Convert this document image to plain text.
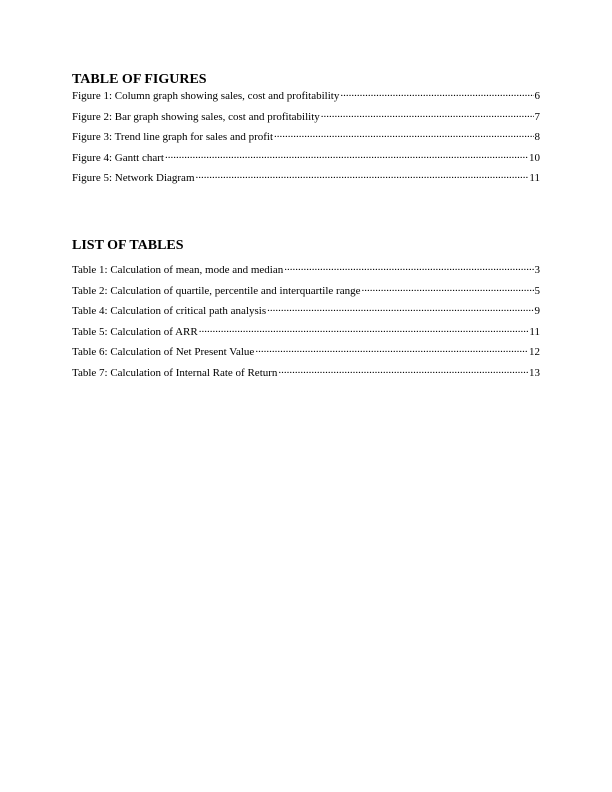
TABLE OF FIGURES
Figure 1: Column graph showing sales, cost and profitability .....	6
Figure 2: Bar graph showing sales, cost and profitability .....	7
Figure 3: Trend line graph for sales and profit .....	8
Figure 4: Gantt chart .....	10
Figure 5: Network Diagram .....	11
LIST OF TABLES
Table 1: Calculation of mean, mode and median .....	3
Table 2: Calculation of quartile, percentile and interquartile range .....	5
Table 4: Calculation of critical path analysis .....	9
Table 5: Calculation of ARR .....	11
Table 6: Calculation of Net Present Value .....	12
Table 7: Calculation of Internal Rate of Return .....	13
